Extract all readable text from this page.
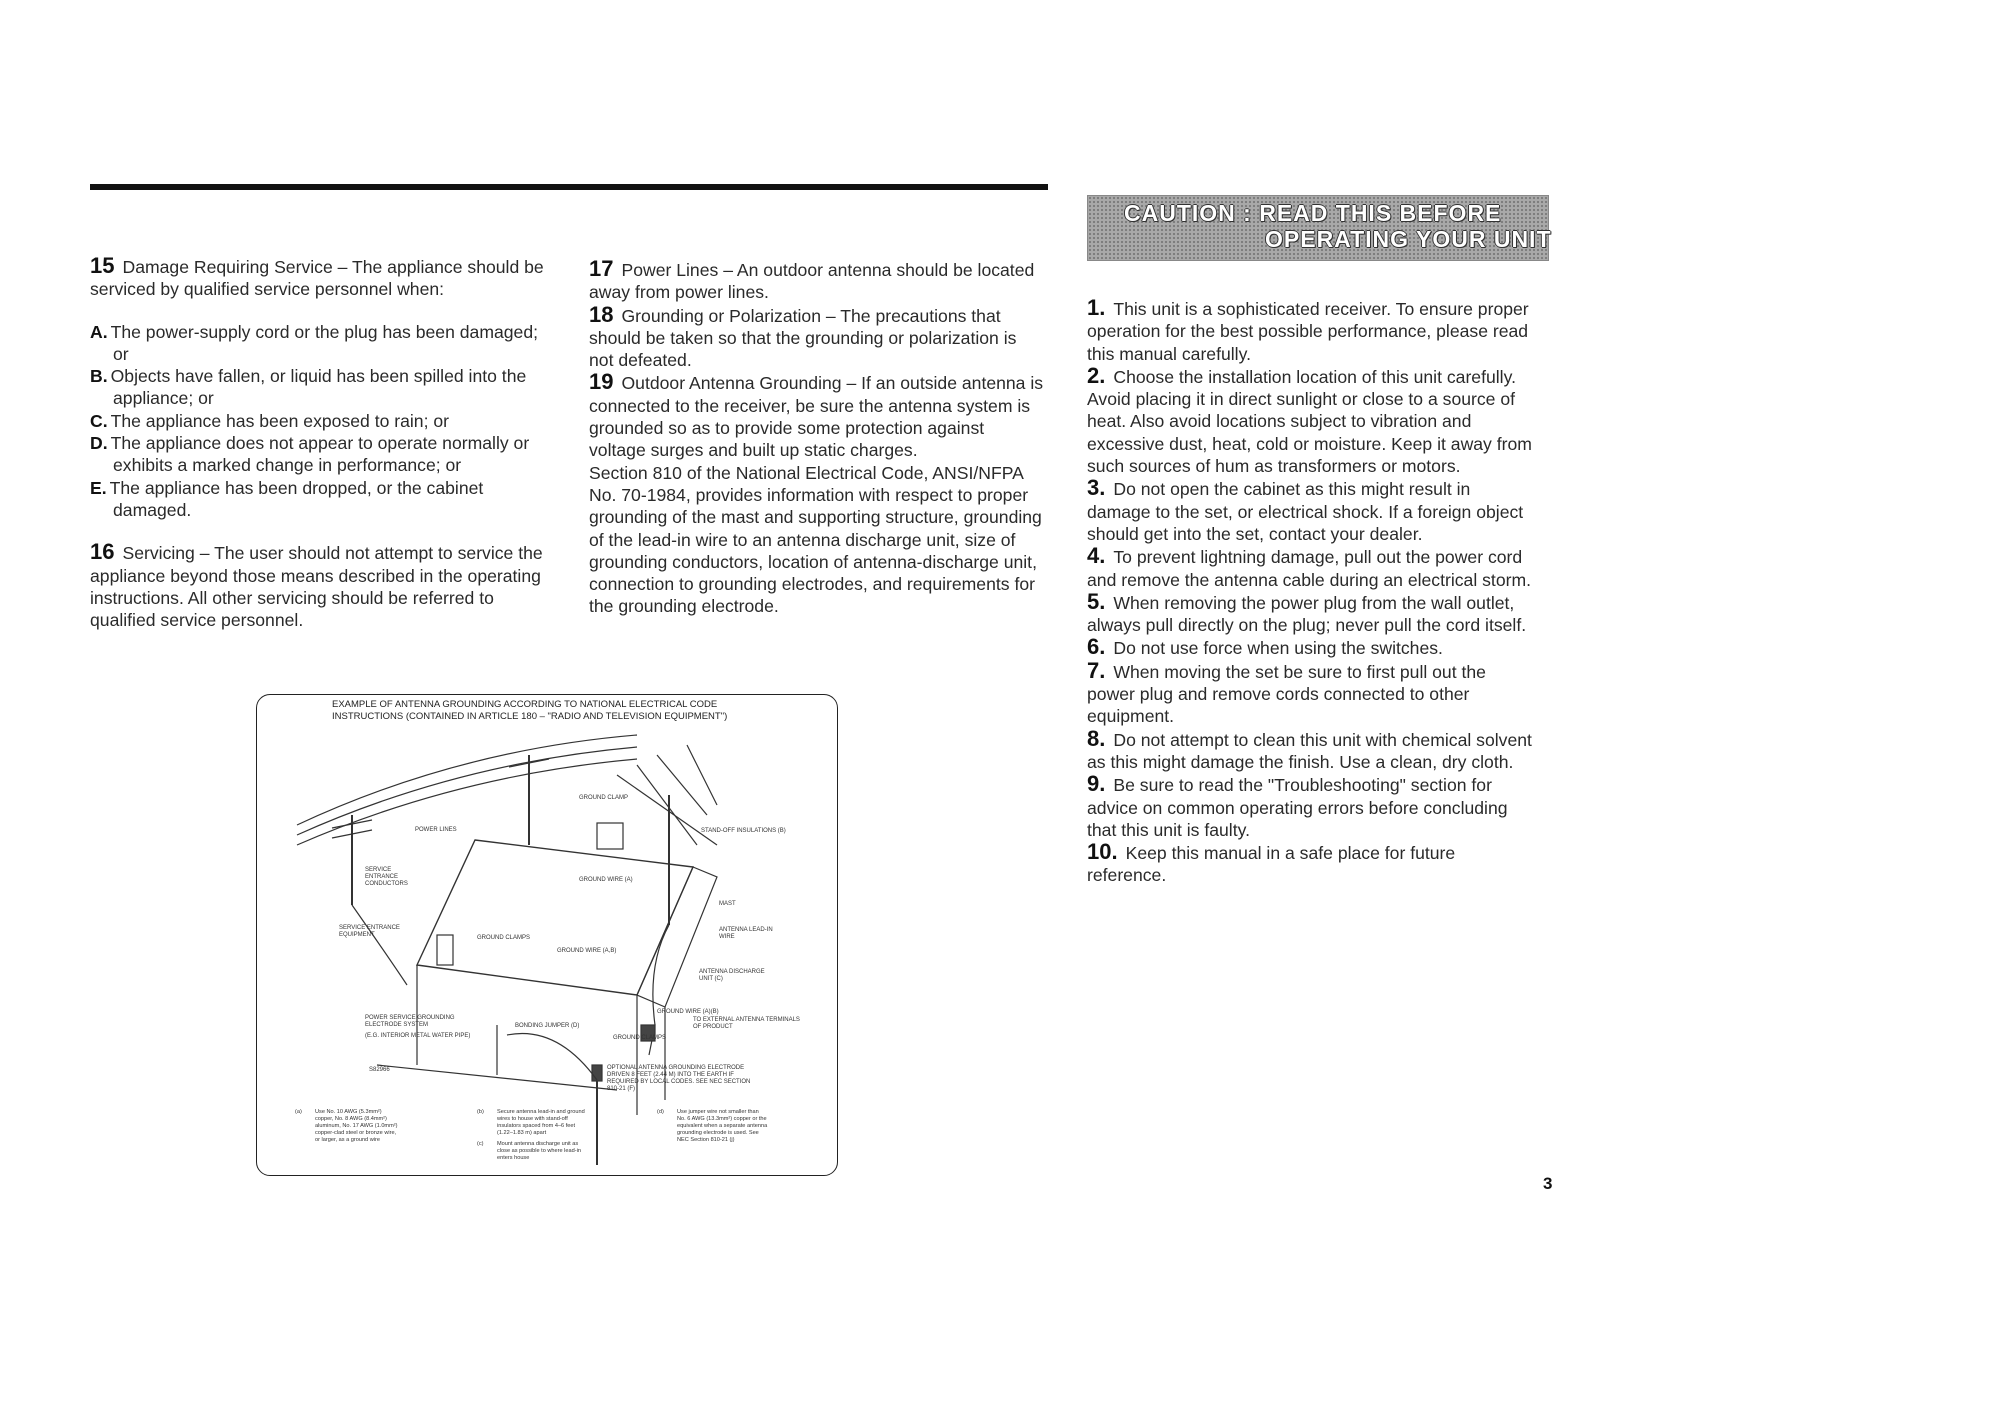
15 Damage Requiring Service – The appliance should be serviced by qualified service personnel when:

A. The power-supply cord or the plug has been damaged; or
B. Objects have fallen, or liquid has been spilled into the appliance; or
C. The appliance has been exposed to rain; or
D. The appliance does not appear to operate normally or exhibits a marked change in performance; or
E. The appliance has been dropped, or the cabinet damaged.

16 Servicing – The user should not attempt to service the appliance beyond those means described in the operating instructions. All other servicing should be referred to qualified service personnel.

17 Power Lines – An outdoor antenna should be located away from power lines.

18 Grounding or Polarization – The precautions that should be taken so that the grounding or polarization is not defeated.

19 Outdoor Antenna Grounding – If an outside antenna is connected to the receiver, be sure the antenna system is grounded so as to provide some protection against voltage surges and built up static charges.

Section 810 of the National Electrical Code, ANSI/NFPA No. 70-1984, provides information with respect to proper grounding of the mast and supporting structure, grounding of the lead-in wire to an antenna discharge unit, size of grounding conductors, location of antenna-discharge unit, connection to grounding electrodes, and requirements for the grounding electrode.

EXAMPLE OF ANTENNA GROUNDING ACCORDING TO NATIONAL ELECTRICAL CODE

INSTRUCTIONS (CONTAINED IN ARTICLE 180 – "RADIO AND TELEVISION EQUIPMENT")

GROUND CLAMP
POWER LINES	STAND-OFF INSULATIONS (B)
SERVICE ENTRANCE CONDUCTORS
GROUND WIRE (A)
MAST
SERVICE ENTRANCE EQUIPMENT	GROUND CLAMPS
GROUND WIRE (A,B)
ANTENNA LEAD-IN WIRE
ANTENNA DISCHARGE UNIT (C)
POWER SERVICE GROUNDING ELECTRODE SYSTEM
(E.G. INTERIOR METAL WATER PIPE)
BONDING JUMPER (D)
GROUND WIRE (A)(B)
TO EXTERNAL ANTENNA TERMINALS OF PRODUCT
GROUND CLAMPS
S82966	OPTIONAL ANTENNA GROUNDING ELECTRODE DRIVEN 8 FEET (2.44 M) INTO THE EARTH IF REQUIRED BY LOCAL CODES. SEE NEC SECTION 810-21 (F)
(a) Use No. 10 AWG (5.3mm²) copper, No. 8 AWG (8.4mm²) aluminum, No. 17 AWG (1.0mm²) copper-clad steel or bronze wire, or larger, as a ground wire
(b) Secure antenna lead-in and ground wires to house with stand-off insulators spaced from 4–6 feet (1.22–1.83 m) apart
(c) Mount antenna discharge unit as close as possible to where lead-in enters house
(d) Use jumper wire not smaller than No. 6 AWG (13.3mm²) copper or the equivalent when a separate antenna grounding electrode is used. See NEC Section 810-21 (j)
CAUTION : READ THIS BEFORE
OPERATING YOUR UNIT

1. This unit is a sophisticated receiver. To ensure proper operation for the best possible performance, please read this manual carefully.

2. Choose the installation location of this unit carefully. Avoid placing it in direct sunlight or close to a source of heat. Also avoid locations subject to vibration and excessive dust, heat, cold or moisture. Keep it away from such sources of hum as transformers or motors.

3. Do not open the cabinet as this might result in damage to the set, or electrical shock. If a foreign object should get into the set, contact your dealer.

4. To prevent lightning damage, pull out the power cord and remove the antenna cable during an electrical storm.

5. When removing the power plug from the wall outlet, always pull directly on the plug; never pull the cord itself.

6. Do not use force when using the switches.

7. When moving the set be sure to first pull out the power plug and remove cords connected to other equipment.

8. Do not attempt to clean this unit with chemical solvent as this might damage the finish. Use a clean, dry cloth.

9. Be sure to read the "Troubleshooting" section for advice on common operating errors before concluding that this unit is faulty.

10. Keep this manual in a safe place for future reference.

3
